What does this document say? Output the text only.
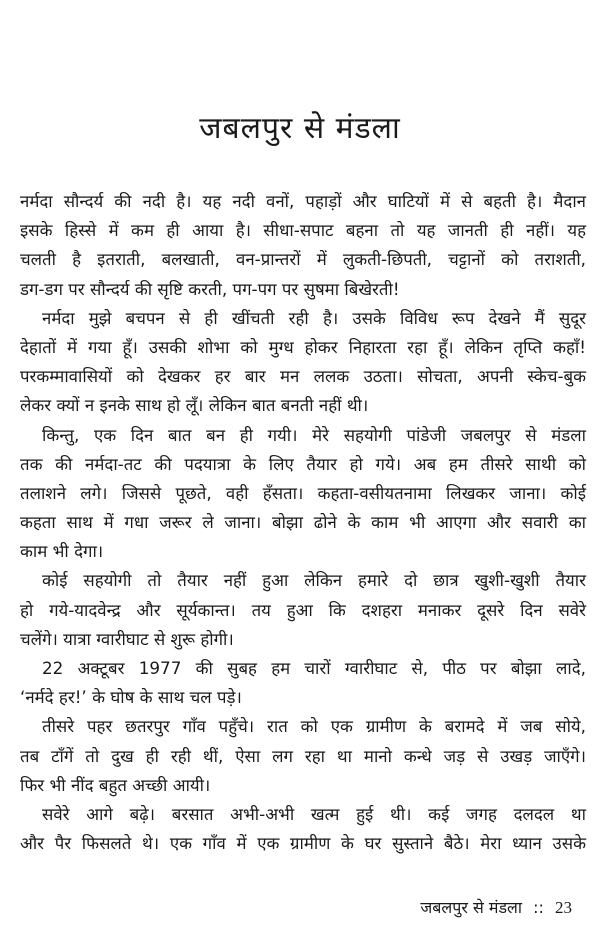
जबलपुर से मंडला
नर्मदा सौन्दर्य की नदी है। यह नदी वनों, पहाड़ों और घाटियों में से बहती है। मैदान
इसके हिस्से में कम ही आया है। सीधा-सपाट बहना तो यह जानती ही नहीं। यह
चलती है इतराती, बलखाती, वन-प्रान्तरों में लुकती-छिपती, चट्टानों को तराशती,
डग-डग पर सौन्दर्य की सृष्टि करती, पग-पग पर सुषमा बिखेरती!
नर्मदा मुझे बचपन से ही खींचती रही है। उसके विविध रूप देखने मैं सुदूर
देहातों में गया हूँ। उसकी शोभा को मुग्ध होकर निहारता रहा हूँ। लेकिन तृप्ति कहाँ!
परकम्मावासियों को देखकर हर बार मन ललक उठता। सोचता, अपनी स्केच-बुक
लेकर क्यों न इनके साथ हो लूँ। लेकिन बात बनती नहीं थी।
किन्तु, एक दिन बात बन ही गयी। मेरे सहयोगी पांडेजी जबलपुर से मंडला
तक की नर्मदा-तट की पदयात्रा के लिए तैयार हो गये। अब हम तीसरे साथी को
तलाशने लगे। जिससे पूछते, वही हँसता। कहता-वसीयतनामा लिखकर जाना। कोई
कहता साथ में गधा जरूर ले जाना। बोझा ढोने के काम भी आएगा और सवारी का
काम भी देगा।
कोई सहयोगी तो तैयार नहीं हुआ लेकिन हमारे दो छात्र खुशी-खुशी तैयार
हो गये-यादवेन्द्र और सूर्यकान्त। तय हुआ कि दशहरा मनाकर दूसरे दिन सवेरे
चलेंगे। यात्रा ग्वारीघाट से शुरू होगी।
22 अक्टूबर 1977 की सुबह हम चारों ग्वारीघाट से, पीठ पर बोझा लादे,
‘नर्मदे हर!’ के घोष के साथ चल पड़े।
तीसरे पहर छतरपुर गाँव पहुँचे। रात को एक ग्रामीण के बरामदे में जब सोये,
तब टाँगें तो दुख ही रही थीं, ऐसा लग रहा था मानो कन्धे जड़ से उखड़ जाएँगे।
फिर भी नींद बहुत अच्छी आयी।
सवेरे आगे बढ़े। बरसात अभी-अभी खत्म हुई थी। कई जगह दलदल था
और पैर फिसलते थे। एक गाँव में एक ग्रामीण के घर सुस्ताने बैठे। मेरा ध्यान उसके
जबलपुर से मंडला :: 23
